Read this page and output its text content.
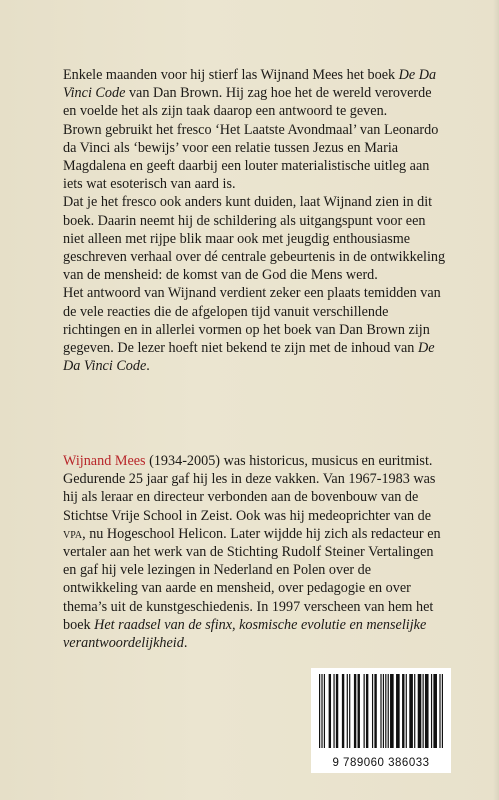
Enkele maanden voor hij stierf las Wijnand Mees het boek De Da Vinci Code van Dan Brown. Hij zag hoe het de wereld veroverde en voelde het als zijn taak daarop een antwoord te geven.

Brown gebruikt het fresco ‘Het Laatste Avondmaal’ van Leonardo da Vinci als ‘bewijs’ voor een relatie tussen Jezus en Maria Magdalena en geeft daarbij een louter materialistische uitleg aan iets wat esoterisch van aard is.

Dat je het fresco ook anders kunt duiden, laat Wijnand zien in dit boek. Daarin neemt hij de schildering als uitgangspunt voor een niet alleen met rijpe blik maar ook met jeugdig enthousiasme geschreven verhaal over dé centrale gebeurtenis in de ontwikkeling van de mensheid: de komst van de God die Mens werd.

Het antwoord van Wijnand verdient zeker een plaats temidden van de vele reacties die de afgelopen tijd vanuit verschillende richtingen en in allerlei vormen op het boek van Dan Brown zijn gegeven. De lezer hoeft niet bekend te zijn met de inhoud van De Da Vinci Code.

Wijnand Mees (1934-2005) was historicus, musicus en euritmist. Gedurende 25 jaar gaf hij les in deze vakken. Van 1967-1983 was hij als leraar en directeur verbonden aan de bovenbouw van de Stichtse Vrije School in Zeist. Ook was hij medeoprichter van de vpa, nu Hogeschool Helicon. Later wijdde hij zich als redacteur en vertaler aan het werk van de Stichting Rudolf Steiner Vertalingen en gaf hij vele lezingen in Nederland en Polen over de ontwikkeling van aarde en mensheid, over pedagogie en over thema’s uit de kunstgeschiedenis. In 1997 verscheen van hem het boek Het raadsel van de sfinx, kosmische evolutie en menselijke verantwoordelijkheid.

9 789060 386033
